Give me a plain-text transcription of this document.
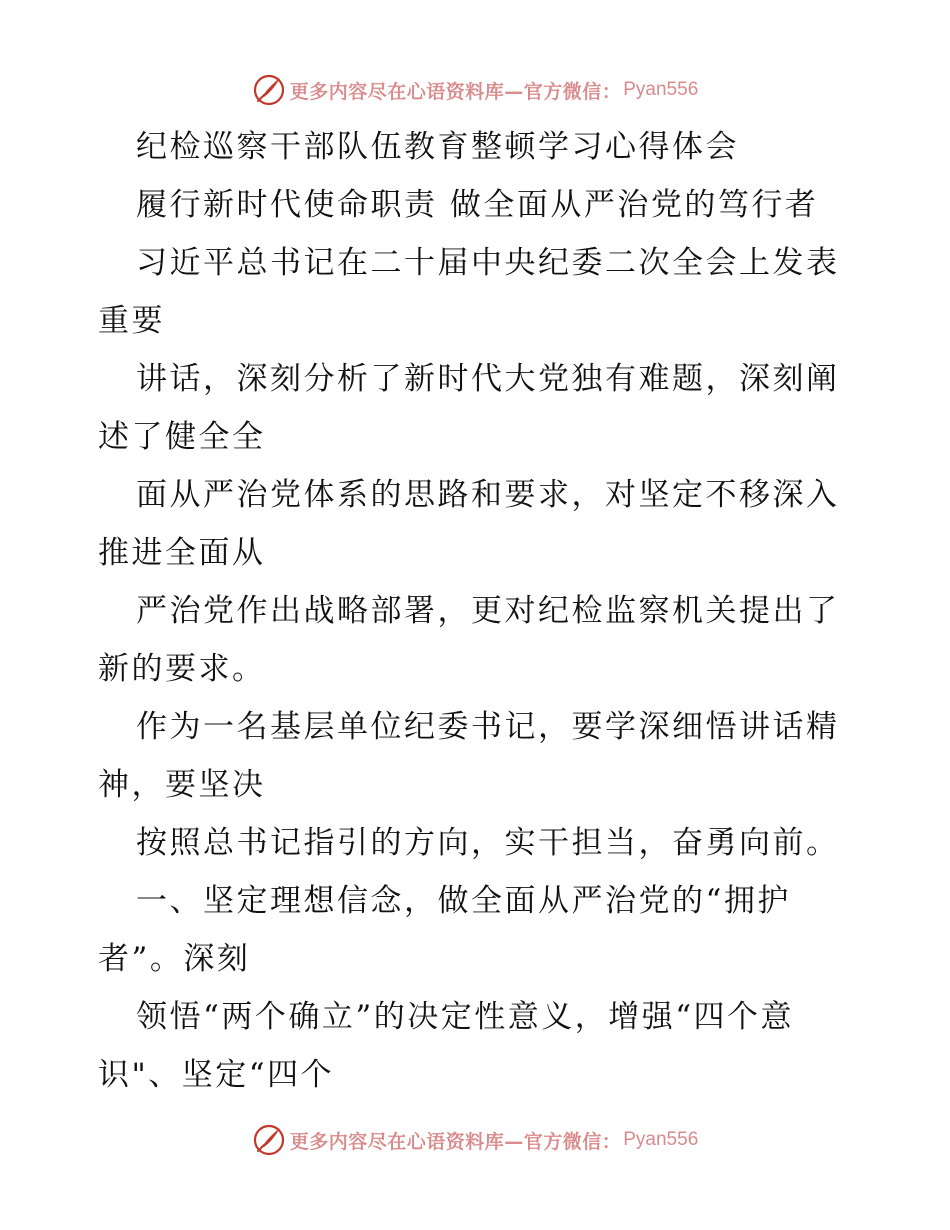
更多内容尽在心语资料库—官方微信： Pyan556
纪检巡察干部队伍教育整顿学习心得体会
履行新时代使命职责 做全面从严治党的笃行者
习近平总书记在二十届中央纪委二次全会上发表
重要
讲话，深刻分析了新时代大党独有难题，深刻阐
述了健全全
面从严治党体系的思路和要求，对坚定不移深入
推进全面从
严治党作出战略部署，更对纪检监察机关提出了
新的要求。
作为一名基层单位纪委书记，要学深细悟讲话精
神，要坚决
按照总书记指引的方向，实干担当，奋勇向前。
一、坚定理想信念，做全面从严治党的“拥护
者”。深刻
领悟“两个确立”的决定性意义，增强“四个意
识"、坚定“四个
更多内容尽在心语资料库—官方微信： Pyan556
